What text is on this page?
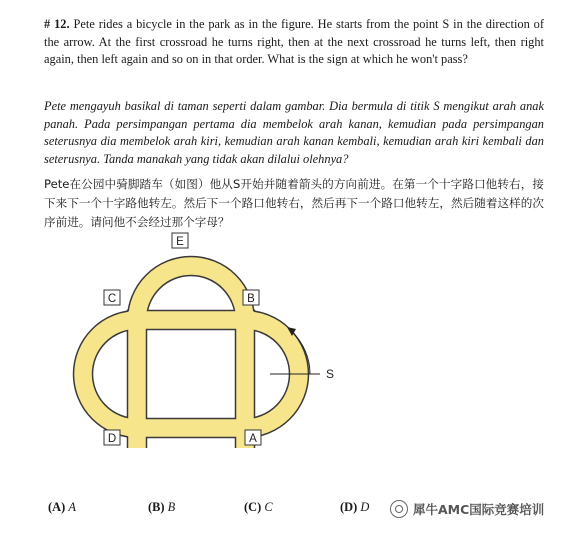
# 12. Pete rides a bicycle in the park as in the figure. He starts from the point S in the direction of the arrow. At the first crossroad he turns right, then at the next crossroad he turns left, then right again, then left again and so on in that order. What is the sign at which he won't pass?

Pete mengayuh basikal di taman seperti dalam gambar. Dia bermula di titik S mengikut arah anak panah. Pada persimpangan pertama dia membelok arah kanan, kemudian pada persimpangan seterusnya dia membelok arah kiri, kemudian arah kanan kembali, kemudian arah kiri kembali dan seterusnya. Tanda manakah yang tidak akan dilalui olehnya?

Pete在公园中骑脚踏车（如图）他从S开始并随着箭头的方向前进。在第一个十字路口他转右，接下来下一个十字路他转左。然后下一个路口他转右，然后再下一个路口他转左，然后随着这样的次序前进。请问他不会经过那个字母？

S
E
C	B
D	A
(A) A	(B) B	(C) C	(D) D	犀牛AMC国际竞赛培训
